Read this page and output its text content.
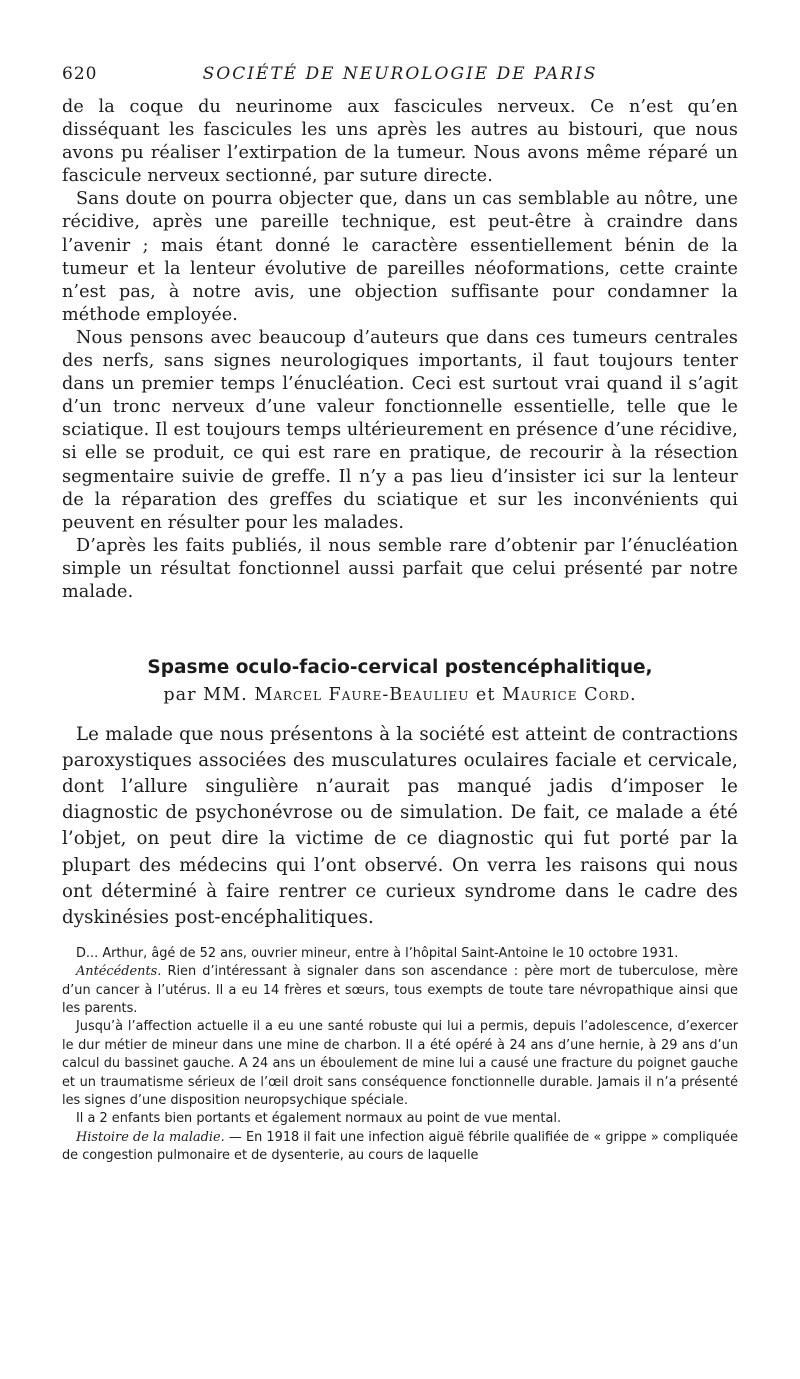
620	SOCIÉTÉ DE NEUROLOGIE DE PARIS

de la coque du neurinome aux fascicules nerveux. Ce n’est qu’en disséquant les fascicules les uns après les autres au bistouri, que nous avons pu réaliser l’extirpation de la tumeur. Nous avons même réparé un fascicule nerveux sectionné, par suture directe.

Sans doute on pourra objecter que, dans un cas semblable au nôtre, une récidive, après une pareille technique, est peut-être à craindre dans l’avenir ; mais étant donné le caractère essentiellement bénin de la tumeur et la lenteur évolutive de pareilles néoformations, cette crainte n’est pas, à notre avis, une objection suffisante pour condamner la méthode employée.

Nous pensons avec beaucoup d’auteurs que dans ces tumeurs centrales des nerfs, sans signes neurologiques importants, il faut toujours tenter dans un premier temps l’énucléation. Ceci est surtout vrai quand il s’agit d’un tronc nerveux d’une valeur fonctionnelle essentielle, telle que le sciatique. Il est toujours temps ultérieurement en présence d’une récidive, si elle se produit, ce qui est rare en pratique, de recourir à la résection segmentaire suivie de greffe. Il n’y a pas lieu d’insister ici sur la lenteur de la réparation des greffes du sciatique et sur les inconvénients qui peuvent en résulter pour les malades.

D’après les faits publiés, il nous semble rare d’obtenir par l’énucléation simple un résultat fonctionnel aussi parfait que celui présenté par notre malade.

Spasme oculo-facio-cervical postencéphalitique,
par MM. Marcel Faure-Beaulieu et Maurice Cord.

Le malade que nous présentons à la société est atteint de contractions paroxystiques associées des musculatures oculaires faciale et cervicale, dont l’allure singulière n’aurait pas manqué jadis d’imposer le diagnostic de psychonévrose ou de simulation. De fait, ce malade a été l’objet, on peut dire la victime de ce diagnostic qui fut porté par la plupart des médecins qui l’ont observé. On verra les raisons qui nous ont déterminé à faire rentrer ce curieux syndrome dans le cadre des dyskinésies post-encéphalitiques.

D... Arthur, âgé de 52 ans, ouvrier mineur, entre à l’hôpital Saint-Antoine le 10 octobre 1931.

Antécédents. Rien d’intéressant à signaler dans son ascendance : père mort de tuberculose, mère d’un cancer à l’utérus. Il a eu 14 frères et sœurs, tous exempts de toute tare névropathique ainsi que les parents.

Jusqu’à l’affection actuelle il a eu une santé robuste qui lui a permis, depuis l’adolescence, d’exercer le dur métier de mineur dans une mine de charbon. Il a été opéré à 24 ans d’une hernie, à 29 ans d’un calcul du bassinet gauche. A 24 ans un éboulement de mine lui a causé une fracture du poignet gauche et un traumatisme sérieux de l’œil droit sans conséquence fonctionnelle durable. Jamais il n’a présenté les signes d’une disposition neuropsychique spéciale.

Il a 2 enfants bien portants et également normaux au point de vue mental.

Histoire de la maladie. — En 1918 il fait une infection aiguë fébrile qualifiée de « grippe » compliquée de congestion pulmonaire et de dysenterie, au cours de laquelle
